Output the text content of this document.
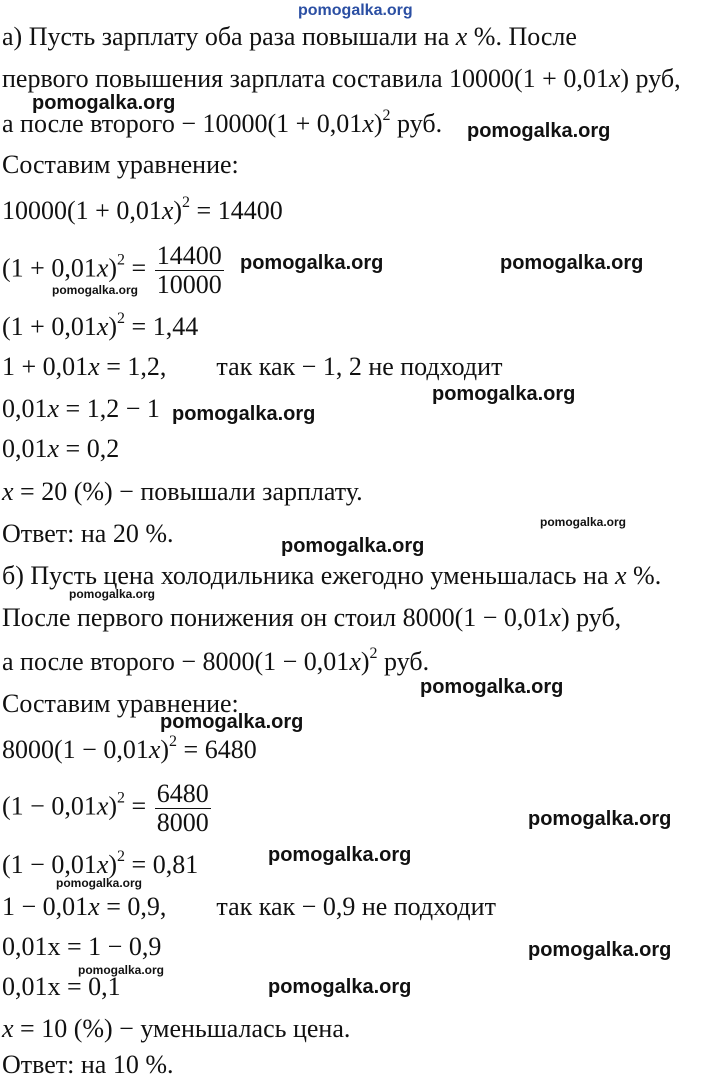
pomogalka.org
pomogalka.org
pomogalka.org
pomogalka.org	pomogalka.org
pomogalka.org
pomogalka.org
pomogalka.org
pomogalka.org
pomogalka.org
pomogalka.org
pomogalka.org
pomogalka.org
pomogalka.org
pomogalka.org
pomogalka.org
pomogalka.org
pomogalka.org
pomogalka.org
а) Пусть зарплату оба раза повышали на x %. После
первого повышения зарплата составила 10000(1 + 0,01x) руб,
а после второго − $10000(1 + 0,01x)^2$ руб.
Составим уравнение:
$10000(1 + 0,01x)^2 = 14400$
$(1 + 0,01x)^2 = \frac{14400}{10000}$
$(1 + 0,01x)^2 = 1,44$
1 + 0,01x = 1,2, так как − 1, 2 не подходит
0,01x = 1,2 − 1
0,01x = 0,2
x = 20 (%) − повышали зарплату.
Ответ: на 20 %.
б) Пусть цена холодильника ежегодно уменьшалась на x %.
После первого понижения он стоил 8000(1 − 0,01x) руб,
а после второго − $8000(1 - 0,01x)^2$ руб.
Составим уравнение:
$8000(1 - 0,01x)^2 = 6480$
$(1 - 0,01x)^2 = \frac{6480}{8000}$
$(1 - 0,01x)^2 = 0,81$
1 − 0,01x = 0,9, так как − 0,9 не подходит
0,01x = 1 − 0,9
0,01x = 0,1
x = 10 (%) − уменьшалась цена.
Ответ: на 10 %.
